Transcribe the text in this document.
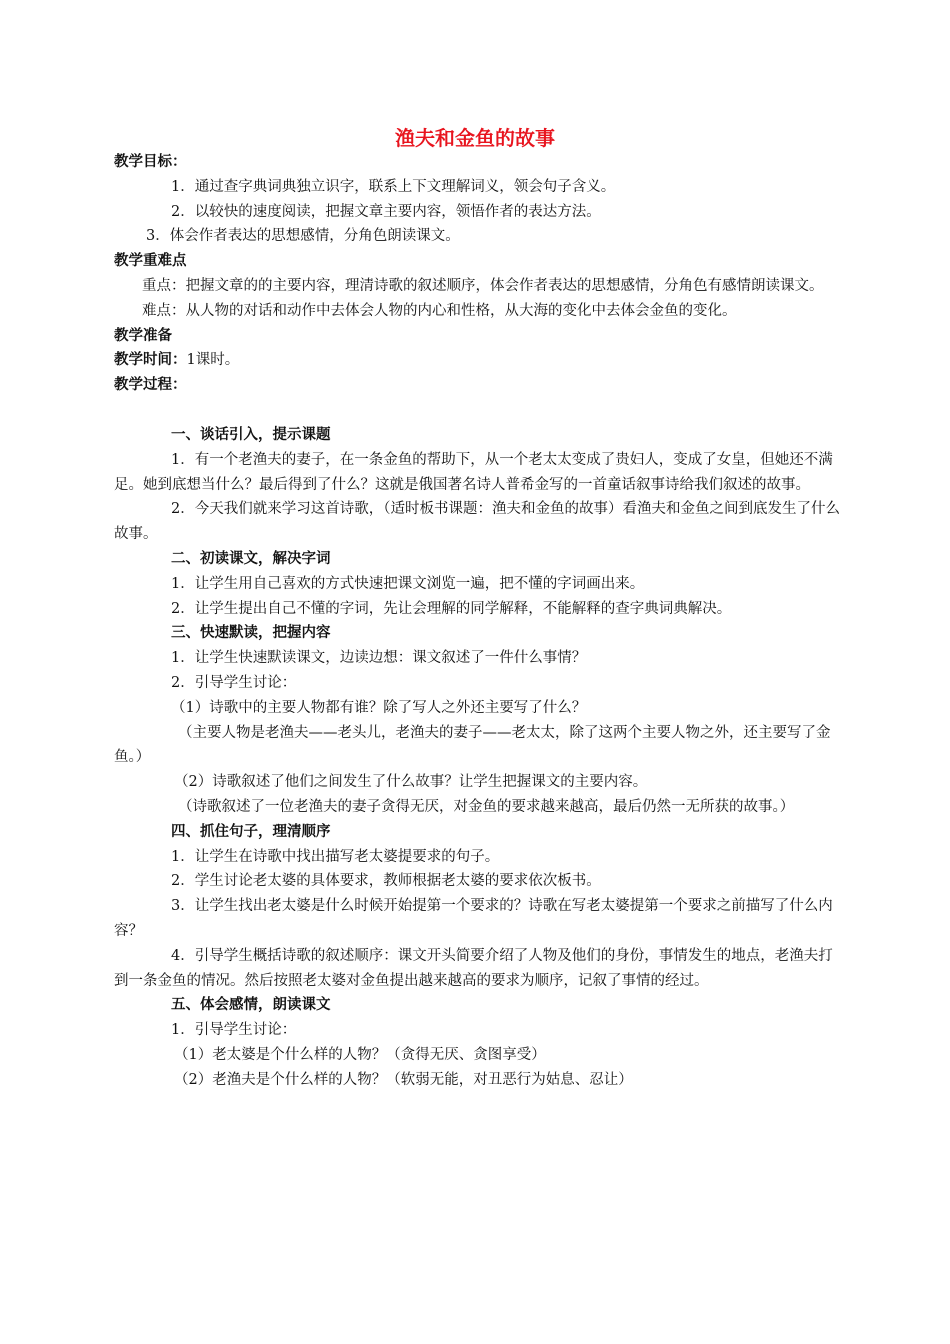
渔夫和金鱼的故事

教学目标：

1．通过查字典词典独立识字，联系上下文理解词义，领会句子含义。

2．以较快的速度阅读，把握文章主要内容，领悟作者的表达方法。

3．体会作者表达的思想感情，分角色朗读课文。

教学重难点

重点：把握文章的的主要内容，理清诗歌的叙述顺序，体会作者表达的思想感情，分角色有感情朗读课文。

难点：从人物的对话和动作中去体会人物的内心和性格，从大海的变化中去体会金鱼的变化。

教学准备

教学时间：1课时。

教学过程：

一、谈话引入，提示课题

1．有一个老渔夫的妻子，在一条金鱼的帮助下，从一个老太太变成了贵妇人，变成了女皇，但她还不满足。她到底想当什么？最后得到了什么？这就是俄国著名诗人普希金写的一首童话叙事诗给我们叙述的故事。

2．今天我们就来学习这首诗歌，（适时板书课题：渔夫和金鱼的故事）看渔夫和金鱼之间到底发生了什么故事。

二、初读课文，解决字词

1．让学生用自己喜欢的方式快速把课文浏览一遍，把不懂的字词画出来。

2．让学生提出自己不懂的字词，先让会理解的同学解释，不能解释的查字典词典解决。

三、快速默读，把握内容

1．让学生快速默读课文，边读边想：课文叙述了一件什么事情？

2．引导学生讨论：

（1）诗歌中的主要人物都有谁？除了写人之外还主要写了什么？

（主要人物是老渔夫——老头儿，老渔夫的妻子——老太太，除了这两个主要人物之外，还主要写了金鱼。）

（2）诗歌叙述了他们之间发生了什么故事？让学生把握课文的主要内容。

（诗歌叙述了一位老渔夫的妻子贪得无厌，对金鱼的要求越来越高，最后仍然一无所获的故事。）

四、抓住句子，理清顺序

1．让学生在诗歌中找出描写老太婆提要求的句子。

2．学生讨论老太婆的具体要求，教师根据老太婆的要求依次板书。

3．让学生找出老太婆是什么时候开始提第一个要求的？诗歌在写老太婆提第一个要求之前描写了什么内容？

4．引导学生概括诗歌的叙述顺序：课文开头简要介绍了人物及他们的身份，事情发生的地点，老渔夫打到一条金鱼的情况。然后按照老太婆对金鱼提出越来越高的要求为顺序，记叙了事情的经过。

五、体会感情，朗读课文

1．引导学生讨论：

（1）老太婆是个什么样的人物？（贪得无厌、贪图享受）

（2）老渔夫是个什么样的人物？（软弱无能，对丑恶行为姑息、忍让）
